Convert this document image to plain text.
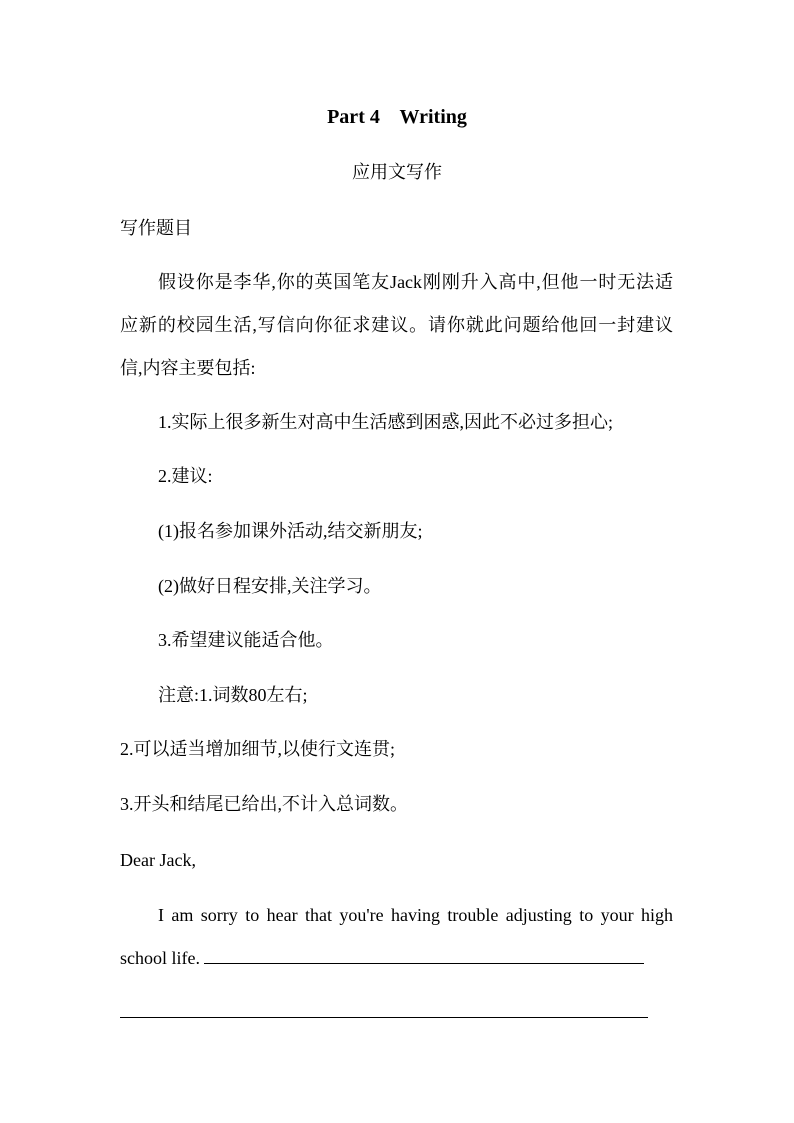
Part 4    Writing
应用文写作
写作题目
假设你是李华,你的英国笔友Jack刚刚升入高中,但他一时无法适
应新的校园生活,写信向你征求建议。请你就此问题给他回一封建议
信,内容主要包括:
1.实际上很多新生对高中生活感到困惑,因此不必过多担心;
2.建议:
(1)报名参加课外活动,结交新朋友;
(2)做好日程安排,关注学习。
3.希望建议能适合他。
注意:1.词数80左右;
2.可以适当增加细节,以使行文连贯;
3.开头和结尾已给出,不计入总词数。
Dear Jack,
I am sorry to hear that you're having trouble adjusting to your high
school life.
